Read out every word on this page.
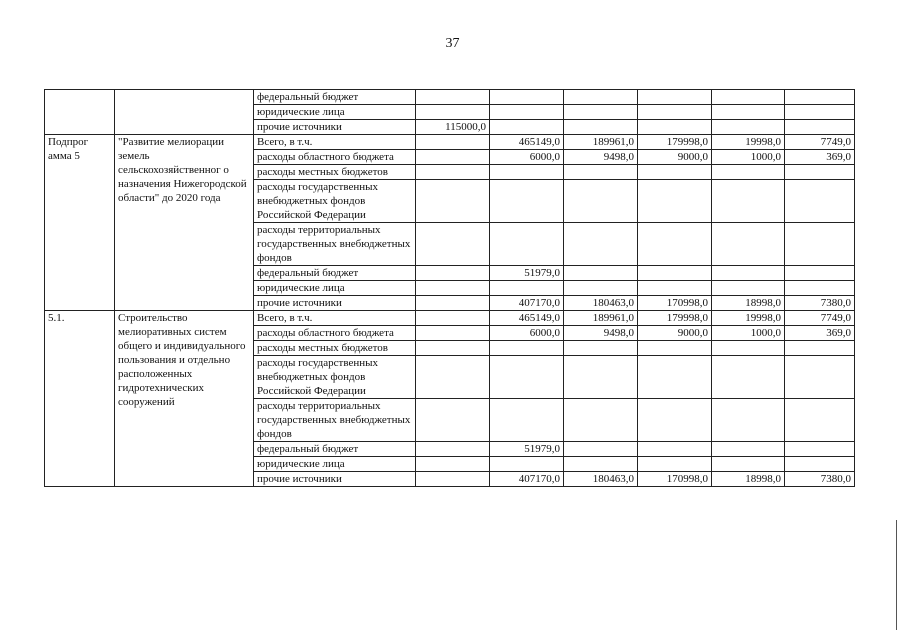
37
		федеральный бюджет						
		юридические лица						
		прочие источники	115000,0					
Подпрог амма 5	"Развитие мелиорации земель сельскохозяйственног о назначения Нижегородской области" до 2020 года	Всего, в т.ч.		465149,0	189961,0	179998,0	19998,0	7749,0
		расходы областного бюджета		6000,0	9498,0	9000,0	1000,0	369,0
		расходы местных бюджетов						
		расходы государственных внебюджетных фондов Российской Федерации						
		расходы территориальных государственных внебюджетных фондов						
		федеральный бюджет		51979,0				
		юридические лица						
		прочие источники		407170,0	180463,0	170998,0	18998,0	7380,0
5.1.	Строительство мелиоративных систем общего и индивидуального пользования и отдельно расположенных гидротехнических сооружений	Всего, в т.ч.		465149,0	189961,0	179998,0	19998,0	7749,0
		расходы областного бюджета		6000,0	9498,0	9000,0	1000,0	369,0
		расходы местных бюджетов						
		расходы государственных внебюджетных фондов Российской Федерации						
		расходы территориальных государственных внебюджетных фондов						
		федеральный бюджет		51979,0				
		юридические лица						
		прочие источники		407170,0	180463,0	170998,0	18998,0	7380,0
